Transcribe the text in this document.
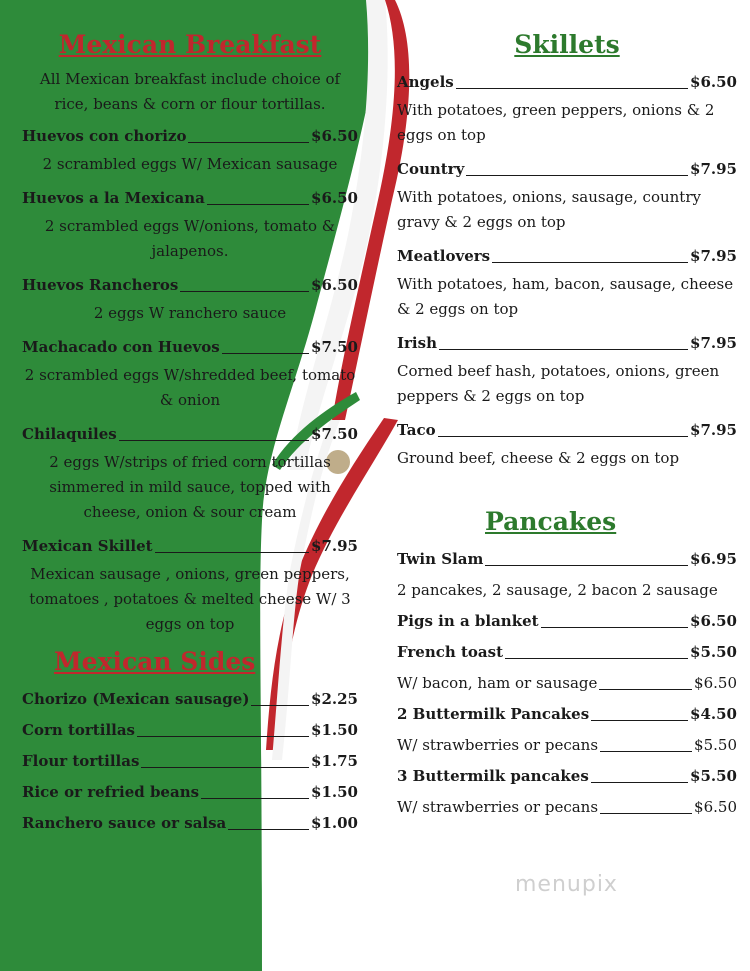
Mexican Breakfast
All Mexican breakfast include choice of rice, beans & corn or flour tortillas.
Huevos con chorizo	$6.50
2 scrambled eggs W/ Mexican sausage
Huevos a la Mexicana	$6.50
2 scrambled eggs W/onions, tomato & jalapenos.
Huevos Rancheros	$6.50
2 eggs W ranchero sauce
Machacado con Huevos	$7.50
2 scrambled eggs W/shredded beef, tomato & onion
Chilaquiles	$7.50
2 eggs W/strips of fried corn tortillas simmered in mild sauce, topped with cheese, onion & sour cream
Mexican Skillet	$7.95
Mexican sausage , onions, green peppers, tomatoes , potatoes & melted cheese W/ 3 eggs on top
Mexican Sides
Chorizo (Mexican sausage)	$2.25
Corn tortillas	$1.50
Flour tortillas	$1.75
Rice or refried beans	$1.50
Ranchero sauce or salsa	$1.00
Skillets
Angels	$6.50
With potatoes, green peppers, onions & 2 eggs on top
Country	$7.95
With potatoes, onions, sausage, country gravy & 2 eggs on top
Meatlovers	$7.95
With potatoes, ham, bacon, sausage, cheese & 2 eggs on top
Irish	$7.95
Corned beef hash, potatoes, onions, green peppers & 2 eggs on top
Taco	$7.95
Ground beef, cheese & 2 eggs on top
Pancakes
Twin Slam	$6.95
2 pancakes, 2 sausage, 2 bacon 2 sausage
Pigs in a blanket	$6.50
French toast	$5.50
W/ bacon, ham or sausage	$6.50
2 Buttermilk Pancakes	$4.50
W/ strawberries or pecans	$5.50
3 Buttermilk pancakes	$5.50
W/ strawberries or pecans	$6.50
menupix
